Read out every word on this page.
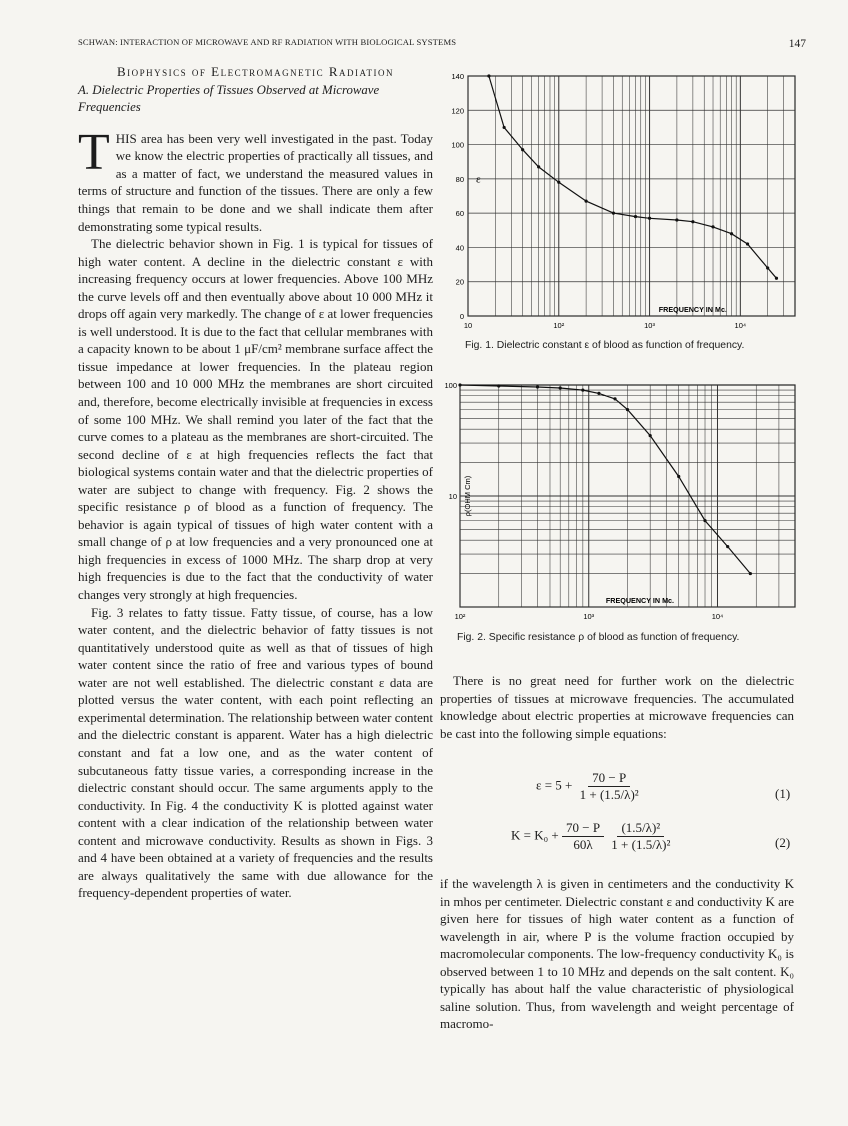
SCHWAN: INTERACTION OF MICROWAVE AND RF RADIATION WITH BIOLOGICAL SYSTEMS	147
Biophysics of Electromagnetic Radiation
A. Dielectric Properties of Tissues Observed at Microwave Frequencies

THIS area has been very well investigated in the past. Today we know the electric properties of practically all tissues, and as a matter of fact, we understand the measured values in terms of structure and function of the tissues. There are only a few things that remain to be done and we shall indicate them after demonstrating some typical results.

The dielectric behavior shown in Fig. 1 is typical for tissues of high water content. A decline in the dielectric constant ε with increasing frequency occurs at lower frequencies. Above 100 MHz the curve levels off and then eventually above about 10 000 MHz it drops off again very markedly. The change of ε at lower frequencies is well understood. It is due to the fact that cellular membranes with a capacity known to be about 1 μF/cm² membrane surface affect the tissue impedance at lower frequencies. In the plateau region between 100 and 10 000 MHz the membranes are short circuited and, therefore, become electrically invisible at frequencies in excess of some 100 MHz. We shall remind you later of the fact that the curve comes to a plateau as the membranes are short-circuited. The second decline of ε at high frequencies reflects the fact that biological systems contain water and that the dielectric properties of water are subject to change with frequency. Fig. 2 shows the specific resistance ρ of blood as a function of frequency. The behavior is again typical of tissues of high water content with a small change of ρ at low frequencies and a very pronounced one at high frequencies in excess of 1000 MHz. The sharp drop at very high frequencies is due to the fact that the conductivity of water changes very strongly at high frequencies.

Fig. 3 relates to fatty tissue. Fatty tissue, of course, has a low water content, and the dielectric behavior of fatty tissues is not quantitatively understood quite as well as that of tissues of high water content since the ratio of free and various types of bound water are not well established. The dielectric constant ε data are plotted versus the water content, with each point reflecting an experimental determination. The relationship between water content and the dielectric constant is apparent. Water has a high dielectric constant and fat a low one, and as the water content of subcutaneous fatty tissue varies, a corresponding increase in the dielectric constant should occur. The same arguments apply to the conductivity. In Fig. 4 the conductivity K is plotted against water content with a clear indication of the relationship between water content and microwave conductivity. Results as shown in Figs. 3 and 4 have been obtained at a variety of frequencies and the results are always qualitatively the same with due allowance for the frequency-dependent properties of water.

0
20
40
60
80
100
120
140
10	10²	10³	10⁴
ε
FREQUENCY IN Mc.
Fig. 1. Dielectric constant ε of blood as function of frequency.
100
10
10²	10³	10⁴
ρ(OHM Cm)
FREQUENCY IN Mc.
Fig. 2. Specific resistance ρ of blood as function of frequency.

There is no great need for further work on the dielectric properties of tissues at microwave frequencies. The accumulated knowledge about electric properties at microwave frequencies can be cast into the following simple equations:

$\varepsilon = 5 + \frac{70 - P}{\text{1 + (1.5/λ)²}}$	(1)
$K = K_0 + \frac{70 - P}{60\lambda}$
$\frac{\text{(1.5/λ)²}}{\text{1 + (1.5/λ)²}}$	(2)

if the wavelength λ is given in centimeters and the conductivity K in mhos per centimeter. Dielectric constant ε and conductivity K are given here for tissues of high water content as a function of wavelength in air, where P is the volume fraction occupied by macromolecular components. The low-frequency conductivity K₀ is observed between 1 to 10 MHz and depends on the salt content. K₀ typically has about half the value characteristic of physiological saline solution. Thus, from wavelength and weight percentage of macromo-
